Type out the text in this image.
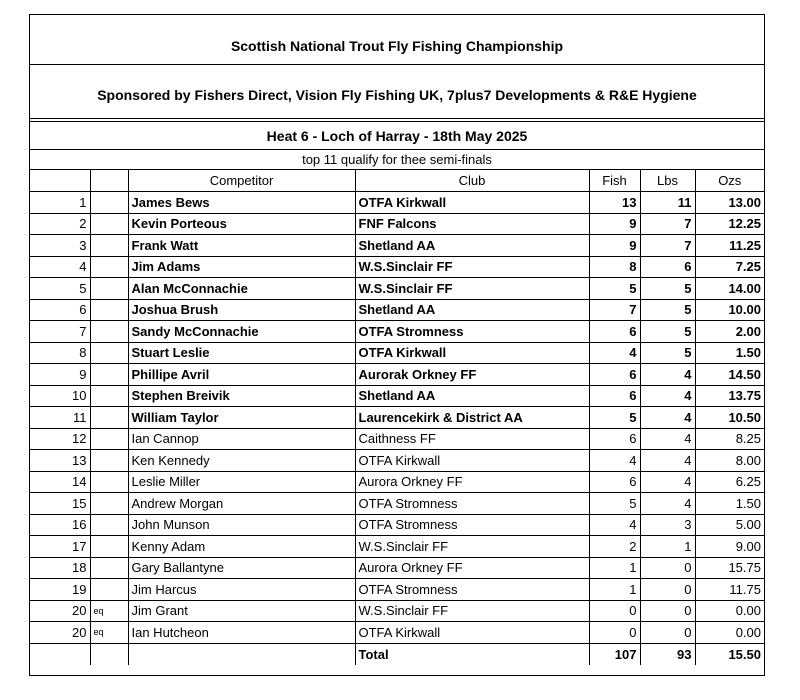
Scottish National Trout Fly Fishing Championship
Sponsored by Fishers Direct, Vision Fly Fishing UK, 7plus7 Developments & R&E Hygiene
Heat 6 - Loch of Harray - 18th May 2025
top 11 qualify for thee semi-finals
		Competitor	Club	Fish	Lbs	Ozs
1		James Bews	OTFA Kirkwall	13	11	13.00
2		Kevin Porteous	FNF Falcons	9	7	12.25
3		Frank Watt	Shetland AA	9	7	11.25
4		Jim Adams	W.S.Sinclair FF	8	6	7.25
5		Alan McConnachie	W.S.Sinclair FF	5	5	14.00
6		Joshua Brush	Shetland AA	7	5	10.00
7		Sandy McConnachie	OTFA Stromness	6	5	2.00
8		Stuart Leslie	OTFA Kirkwall	4	5	1.50
9		Phillipe Avril	Aurorak Orkney FF	6	4	14.50
10		Stephen Breivik	Shetland AA	6	4	13.75
11		William Taylor	Laurencekirk & District AA	5	4	10.50
12		Ian Cannop	Caithness FF	6	4	8.25
13		Ken Kennedy	OTFA Kirkwall	4	4	8.00
14		Leslie Miller	Aurora Orkney FF	6	4	6.25
15		Andrew Morgan	OTFA Stromness	5	4	1.50
16		John Munson	OTFA Stromness	4	3	5.00
17		Kenny Adam	W.S.Sinclair FF	2	1	9.00
18		Gary Ballantyne	Aurora Orkney FF	1	0	15.75
19		Jim Harcus	OTFA Stromness	1	0	11.75
20	eq	Jim Grant	W.S.Sinclair FF	0	0	0.00
20	eq	Ian Hutcheon	OTFA Kirkwall	0	0	0.00
			Total	107	93	15.50
